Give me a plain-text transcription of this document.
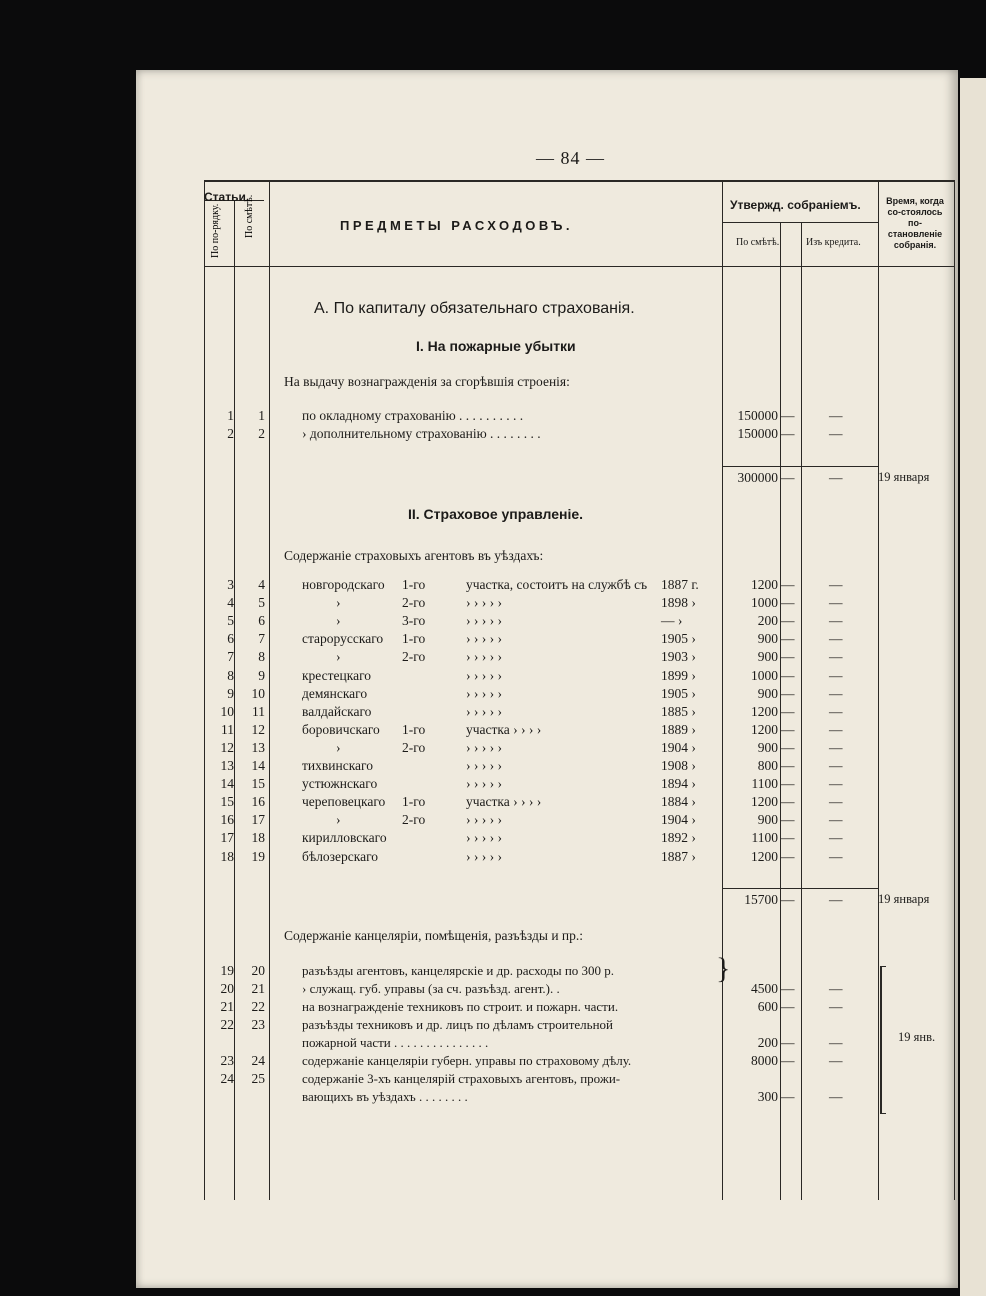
— 84 —
Статьи.
По по-рядку. По смѣтѣ.	ПРЕДМЕТЫ РАСХОДОВЪ.
Утвержд. собраніемъ.
По смѣтѣ.	Изъ кредита.
Время, когда со-стоялось по-становленіе собранія.
А. По капиталу обязательнаго страхованія.
I. На пожарные убытки
На выдачу вознагражденія за сгорѣвшія строенія:
1 1	по окладному страхованію . . . . . . . . . .	150000 —	—
2 2	› дополнительному страхованію . . . . . . . .	150000 —	—
300000 —	—	19 января
II. Страховое управленіе.
Содержаніе страховыхъ агентовъ въ уѣздахъ:
3 4	новгородскаго 1-го	участка, состоитъ на службѣ съ 1887 г.	1200 —	—
4 5	›	2-го	› › › › ›	1898 ›	1000 —	—
5 6	›	3-го	› › › › ›	— ›	200 —	—
6 7	старорусскаго 1-го	› › › › ›	1905 ›	900 —	—
7 8	›	2-го	› › › › ›	1903 ›	900 —	—
8 9	крестецкаго	› › › › ›	1899 ›	1000 —	—
9 10	демянскаго	› › › › ›	1905 ›	900 —	—
10 11	валдайскаго	› › › › ›	1885 ›	1200 —	—
11 12	боровичскаго 1-го	участка › › › ›	1889 ›	1200 —	—
12 13	›	2-го	› › › › ›	1904 ›	900 —	—
13 14	тихвинскаго	› › › › ›	1908 ›	800 —	—
14 15	устюжнскаго	› › › › ›	1894 ›	1100 —	—
15 16	череповецкаго 1-го	участка › › › ›	1884 ›	1200 —	—
16 17	›	2-го	› › › › ›	1904 ›	900 —	—
17 18	кирилловскаго	› › › › ›	1892 ›	1100 —	—
18 19	бѣлозерскаго	› › › › ›	1887 ›	1200 —	—
15700 —	—	19 января
Содержаніе канцеляріи, помѣщенія, разъѣзды и пр.:
19 20	разъѣзды агентовъ, канцелярскіе и др. расходы по 300 р.
20 21	› служащ. губ. управы (за сч. разъѣзд. агент.). .	4500 —	—
21 22	на вознагражденіе техниковъ по строит. и пожарн. части.	600 —	—
22 23	разъѣзды техниковъ и др. лицъ по дѣламъ строительной
пожарной части . . . . . . . . . . . . . . .	200 —	—
23 24	содержаніе канцеляріи губерн. управы по страховому дѣлу.	8000 —	—
24 25	содержаніе 3-хъ канцелярій страховыхъ агентовъ, прожи-
вающихъ въ уѣздахъ . . . . . . . .	300 —	—
}
19 янв.
